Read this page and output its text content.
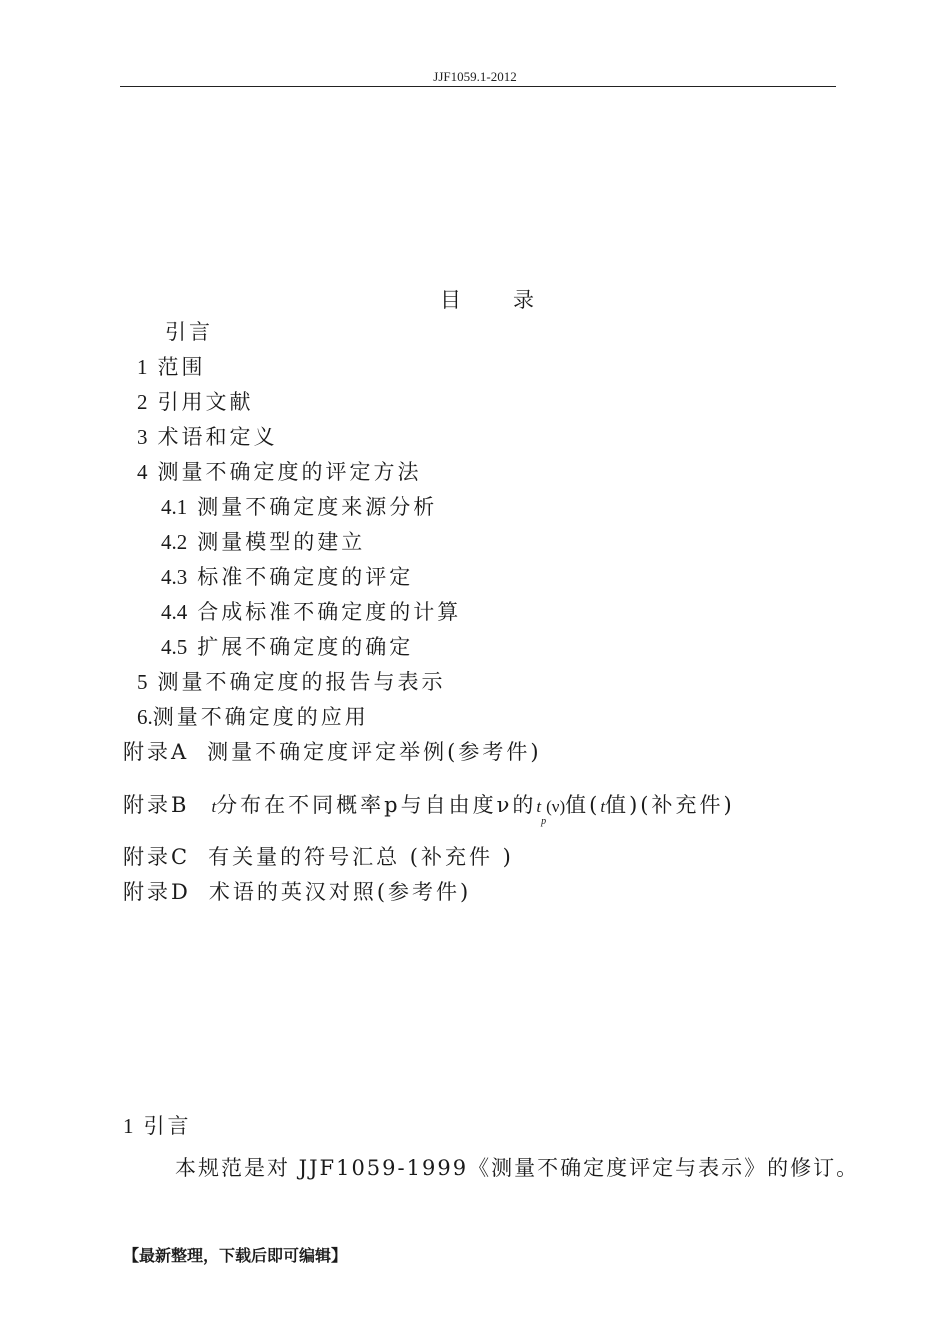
JJF1059.1-2012
目 录
引言
1 范围
2 引用文献
3 术语和定义
4 测量不确定度的评定方法
4.1 测量不确定度来源分析
4.2 测量模型的建立
4.3 标准不确定度的评定
4.4 合成标准不确定度的计算
4.5 扩展不确定度的确定
5 测量不确定度的报告与表示
6.测量不确定度的应用
附录A 测量不确定度评定举例(参考件)
附录B t分布在不同概率p与自由度ν的$t_p(\nu)$值(t值)(补充件)
附录C 有关量的符号汇总 (补充件 )
附录D 术语的英汉对照(参考件)
1 引言
本规范是对 JJF1059-1999《测量不确定度评定与表示》的修订。
【最新整理，下载后即可编辑】
